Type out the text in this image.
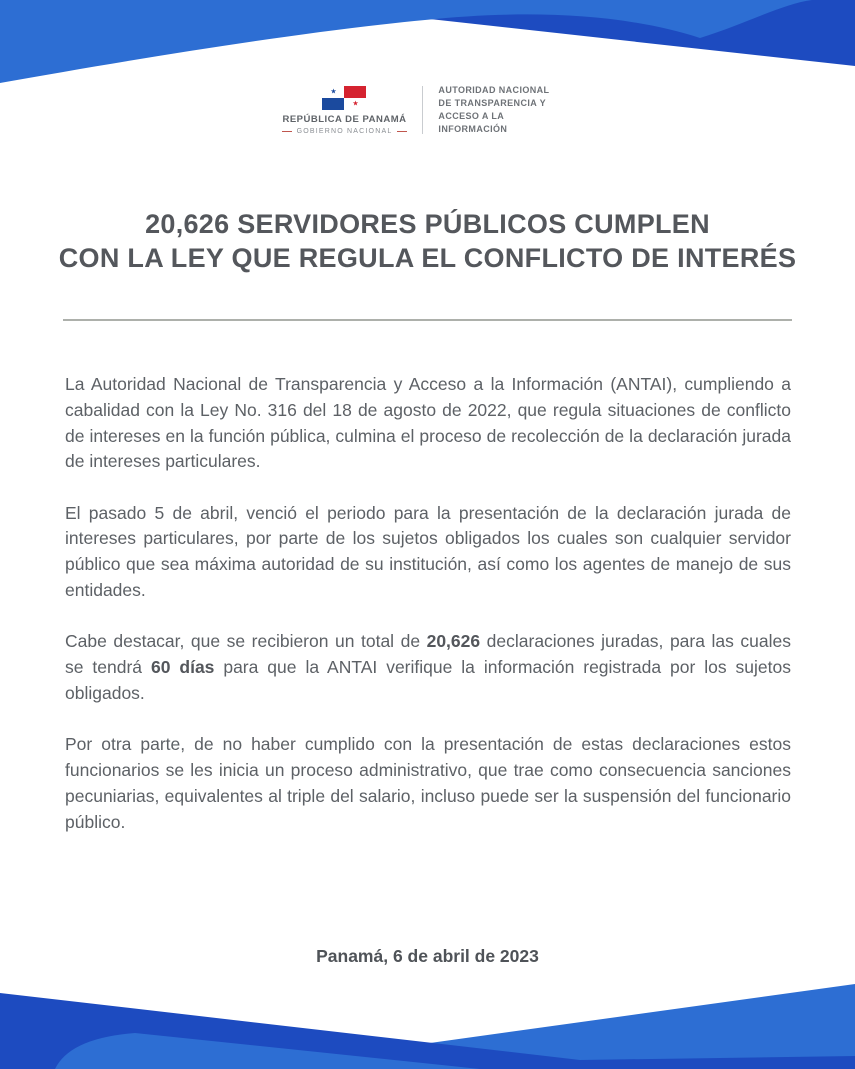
★
★
REPÚBLICA DE PANAMÁ
GOBIERNO NACIONAL
AUTORIDAD NACIONAL
DE TRANSPARENCIA Y
ACCESO A LA INFORMACIÓN
20,626 SERVIDORES PÚBLICOS CUMPLEN
CON LA LEY QUE REGULA EL CONFLICTO DE INTERÉS

La Autoridad Nacional de Transparencia y Acceso a la Información (ANTAI), cumpliendo a cabalidad con la Ley No. 316 del 18 de agosto de 2022, que regula situaciones de conflicto de intereses en la función pública, culmina el proceso de recolección de la declaración jurada de intereses particulares.

El pasado 5 de abril, venció el periodo para la presentación de la declaración jurada de intereses particulares, por parte de los sujetos obligados los cuales son cualquier servidor público que sea máxima autoridad de su institución, así como los agentes de manejo de sus entidades.

Cabe destacar, que se recibieron un total de 20,626 declaraciones juradas, para las cuales se tendrá 60 días para que la ANTAI verifique la información registrada por los sujetos obligados.

Por otra parte, de no haber cumplido con la presentación de estas declaraciones estos funcionarios se les inicia un proceso administrativo, que trae como consecuencia sanciones pecuniarias, equivalentes al triple del salario, incluso puede ser la suspensión del funcionario público.

Panamá, 6 de abril de 2023
